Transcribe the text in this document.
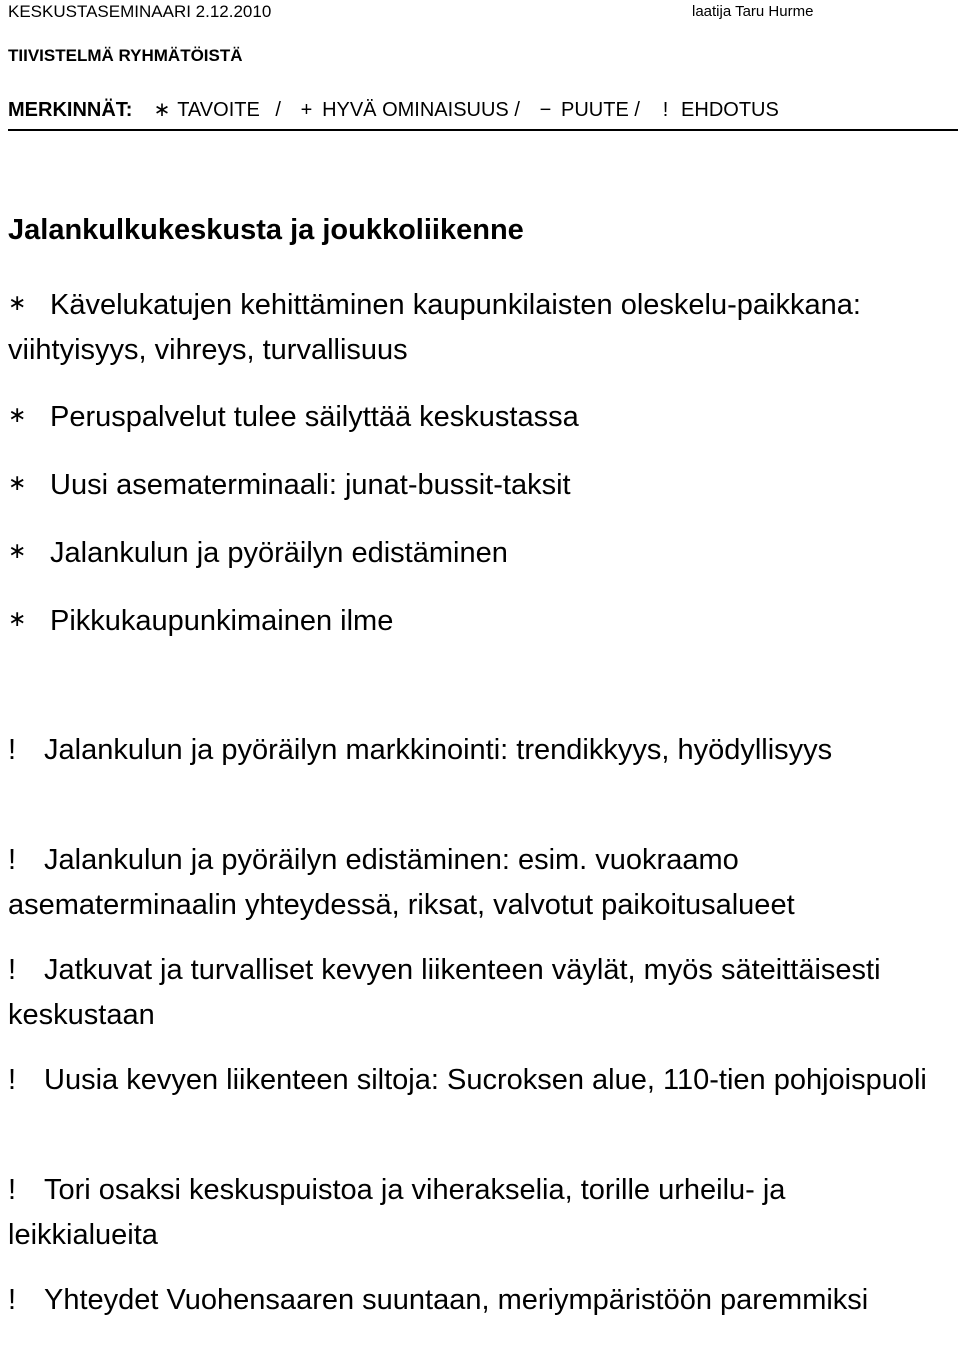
KESKUSTASEMINAARI 2.12.2010	laatija Taru Hurme
TIIVISTELMÄ RYHMÄTÖISTÄ
MERKINNÄT: ∗ TAVOITE / + HYVÄ OMINAISUUS / − PUUTE / ! EHDOTUS
Jalankulkukeskusta ja joukkoliikenne
∗ Kävelukatujen kehittäminen kaupunkilaisten oleskelu-paikkana: viihtyisyys, vihreys, turvallisuus
∗ Peruspalvelut tulee säilyttää keskustassa
∗ Uusi asematerminaali: junat-bussit-taksit
∗ Jalankulun ja pyöräilyn edistäminen
∗ Pikkukaupunkimainen ilme
! Jalankulun ja pyöräilyn markkinointi: trendikkyys, hyödyllisyys
! Jalankulun ja pyöräilyn edistäminen: esim. vuokraamo asematerminaalin yhteydessä, riksat, valvotut paikoitusalueet
! Jatkuvat ja turvalliset kevyen liikenteen väylät, myös säteittäisesti keskustaan
! Uusia kevyen liikenteen siltoja: Sucroksen alue, 110-tien pohjoispuoli
! Tori osaksi keskuspuistoa ja viherakselia, torille urheilu- ja leikkialueita
! Yhteydet Vuohensaaren suuntaan, meriympäristöön paremmiksi
